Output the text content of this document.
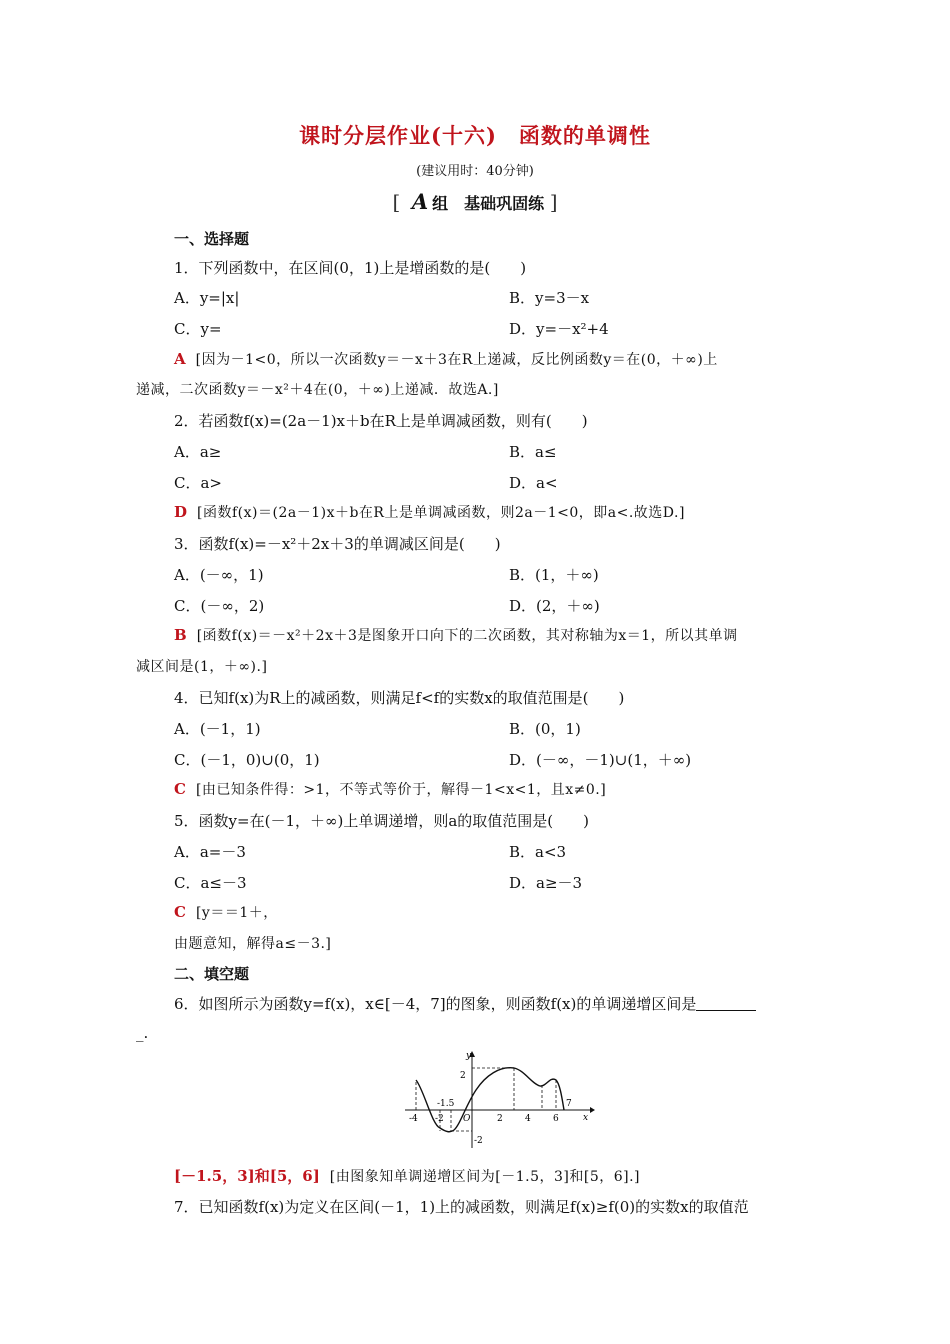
课时分层作业(十六)　函数的单调性
(建议用时：40分钟)
[ A 组　基础巩固练 ]
一、选择题
1．下列函数中，在区间(0，1)上是增函数的是(　　)
A．y=|x|	B．y=3－x
C．y=	D．y=－x²+4
A [因为－1<0，所以一次函数y＝－x＋3在R上递减，反比例函数y＝在(0，＋∞)上
递减，二次函数y＝－x²＋4在(0，＋∞)上递减．故选A.]
2．若函数f(x)=(2a－1)x＋b在R上是单调减函数，则有(　　)
A．a≥	B．a≤
C．a>	D．a<
D [函数f(x)＝(2a－1)x＋b在R上是单调减函数，则2a－1<0，即a<.故选D.]
3．函数f(x)=－x²＋2x＋3的单调减区间是(　　)
A．(－∞，1)	B．(1，＋∞)
C．(－∞，2)	D．(2，＋∞)
B [函数f(x)＝－x²＋2x＋3是图象开口向下的二次函数，其对称轴为x＝1，所以其单调
减区间是(1，＋∞).]
4．已知f(x)为R上的减函数，则满足f<f的实数x的取值范围是(　　)
A．(－1，1)	B．(0，1)
C．(－1，0)∪(0，1)	D．(－∞，－1)∪(1，＋∞)
C [由已知条件得：>1，不等式等价于，解得－1<x<1，且x≠0.]
5．函数y=在(－1，＋∞)上单调递增，则a的取值范围是(　　)
A．a=－3	B．a<3
C．a≤－3	D．a≥－3
C [y＝＝1＋，
由题意知，解得a≤－3.]
二、填空题
6．如图所示为函数y=f(x)，x∈[－4，7]的图象，则函数f(x)的单调递增区间是
_.
y
x
2
-2
-1.5
-4 -2 O	2 4 6
7
[－1.5，3]和[5，6] [由图象知单调递增区间为[－1.5，3]和[5，6].]
7．已知函数f(x)为定义在区间(－1，1)上的减函数，则满足f(x)≥f(0)的实数x的取值范
